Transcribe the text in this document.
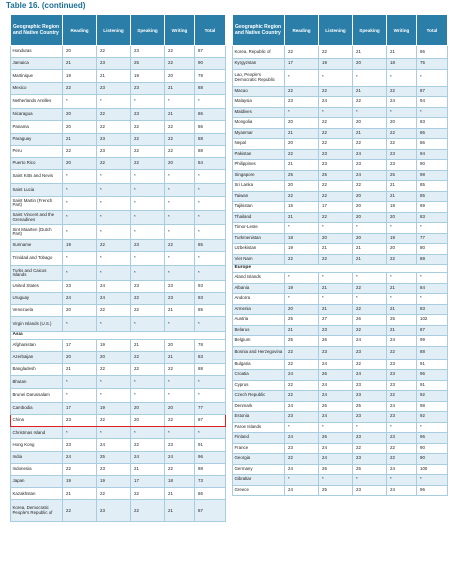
Table 16. (continued)
Geographic Region and Native Country	Reading	Listening	Speaking	Writing	Total
Honduras	20	22	23	22	87
Jamaica	21	23	25	22	90
Martinique	19	21	19	20	79
Mexico	22	23	23	21	88
Netherlands Antilles	*	*	*	*	*
Nicaragua	20	22	23	21	86
Panama	20	22	22	22	86
Paraguay	21	23	22	22	88
Peru	22	23	22	22	88
Puerto Rico	20	22	22	20	84
Saint Kitts and Nevis	*	*	*	*	*
Saint Lucia	*	*	*	*	*
Saint Martin (French Part)	*	*	*	*	*
Saint Vincent and the Grenadines	*	*	*	*	*
Sint Maarten (Dutch Part)	*	*	*	*	*
Suriname	19	22	23	22	85
Trinidad and Tobago	*	*	*	*	*
Turks and Caicos Islands	*	*	*	*	*
United States	23	24	23	23	93
Uruguay	24	24	22	23	93
Venezuela	20	22	22	21	85
Virgin Islands (U.S.)	*	*	*	*	*
Asia					
Afghanistan	17	19	21	20	78
Azerbaijan	20	20	22	21	83
Bangladesh	21	22	22	22	88
Bhutan	*	*	*	*	*
Brunei Darussalam	*	*	*	*	*
Cambodia	17	19	20	20	77
China	23	22	20	22	87
Christmas Island	*	*	*	*	*
Hong Kong	23	24	22	23	91
India	24	25	24	24	96
Indonesia	22	23	21	22	88
Japan	19	19	17	18	73
Kazakhstan	21	22	22	21	86
Korea, Democratic People's Republic of	22	23	22	21	87
Geographic Region and Native Country	Reading	Listening	Speaking	Writing	Total
Korea, Republic of	22	22	21	21	86
Kyrgyzstan	17	19	20	18	75
Lao, People's Democratic Republic	*	*	*	*	*
Macao	22	22	21	22	87
Malaysia	23	24	22	24	94
Maldives	*	*	*	*	*
Mongolia	20	22	20	20	83
Myanmar	21	22	21	22	86
Nepal	20	22	22	22	86
Pakistan	22	23	24	23	94
Philippines	21	23	23	23	90
Singapore	25	25	24	25	98
Sri Lanka	20	22	22	21	85
Taiwan	22	22	20	21	85
Tajikistan	15	17	20	18	69
Thailand	21	22	20	20	83
Timor-Leste	*	*	*	*	*
Turkmenistan	18	20	20	19	77
Uzbekistan	19	21	21	20	80
Viet Nam	22	22	21	22	88
Europe					
Aland Islands	*	*	*	*	*
Albania	19	21	22	21	84
Andorra	*	*	*	*	*
Armenia	20	21	22	21	83
Austria	25	27	26	25	102
Belarus	21	23	22	21	87
Belgium	25	26	24	24	99
Bosnia and Herzegovina	22	23	23	22	88
Bulgaria	22	24	22	23	91
Croatia	24	26	24	23	96
Cyprus	22	24	23	23	91
Czech Republic	22	24	23	22	92
Denmark	24	26	25	24	98
Estonia	23	24	23	23	92
Faroe Islands	*	*	*	*	*
Finland	24	26	23	23	96
France	23	24	22	22	90
Georgia	22	24	23	22	90
Germany	24	26	25	24	100
Gibraltar	*	*	*	*	*
Greece	24	25	23	24	96
